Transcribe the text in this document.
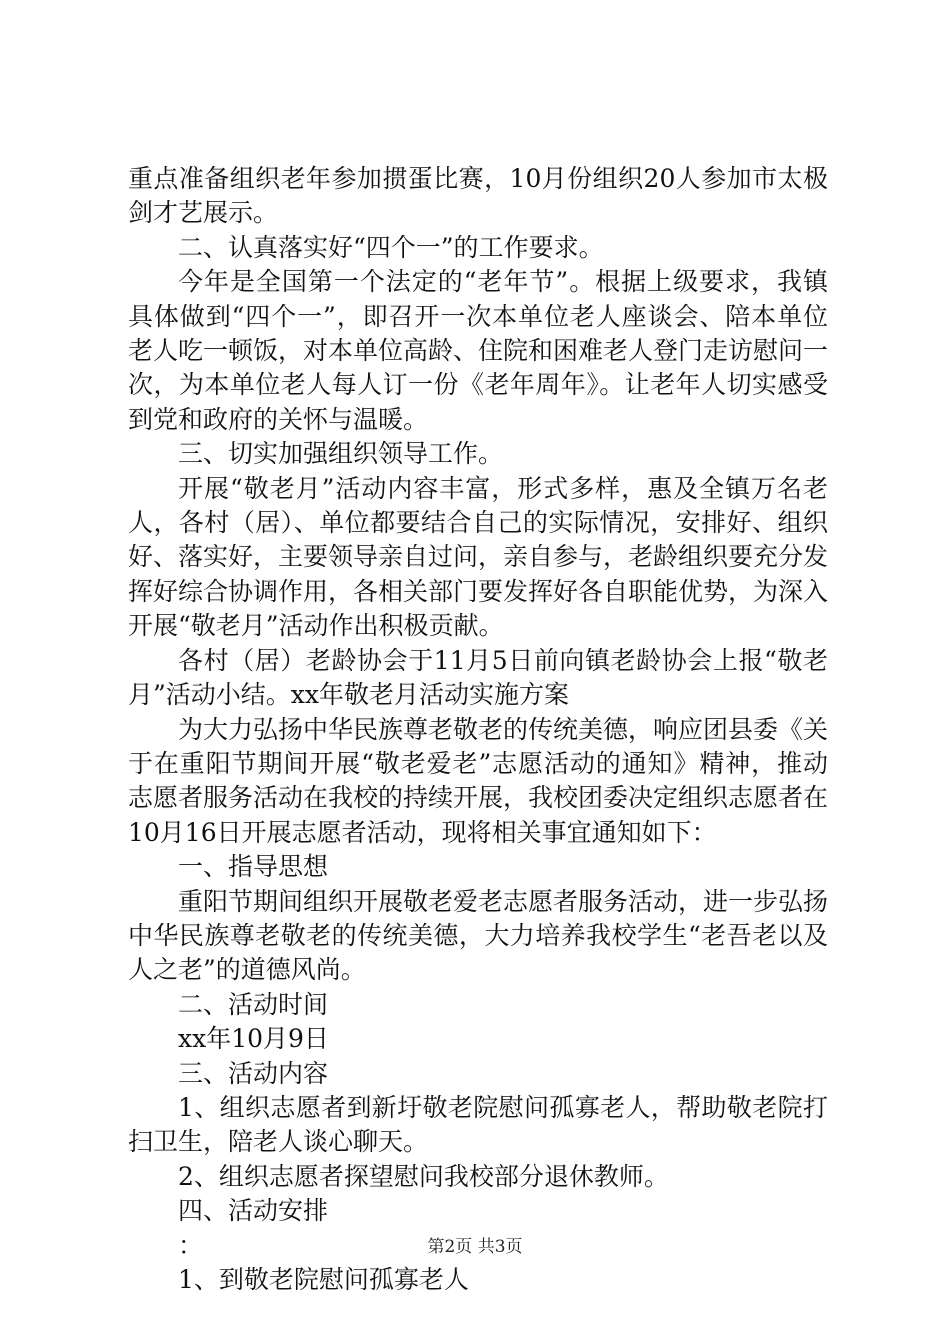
重点准备组织老年参加掼蛋比赛，10月份组织20人参加市太极剑才艺展示。

二、认真落实好“四个一”的工作要求。

今年是全国第一个法定的“老年节”。根据上级要求，我镇具体做到“四个一”，即召开一次本单位老人座谈会、陪本单位老人吃一顿饭，对本单位高龄、住院和困难老人登门走访慰问一次，为本单位老人每人订一份《老年周年》。让老年人切实感受到党和政府的关怀与温暖。

三、切实加强组织领导工作。

开展“敬老月”活动内容丰富，形式多样，惠及全镇万名老人，各村（居）、单位都要结合自己的实际情况，安排好、组织好、落实好，主要领导亲自过问，亲自参与，老龄组织要充分发挥好综合协调作用，各相关部门要发挥好各自职能优势，为深入开展“敬老月”活动作出积极贡献。

各村（居）老龄协会于11月5日前向镇老龄协会上报“敬老月”活动小结。xx年敬老月活动实施方案

为大力弘扬中华民族尊老敬老的传统美德，响应团县委《关于在重阳节期间开展“敬老爱老”志愿活动的通知》精神，推动志愿者服务活动在我校的持续开展，我校团委决定组织志愿者在10月16日开展志愿者活动，现将相关事宜通知如下：

一、指导思想

重阳节期间组织开展敬老爱老志愿者服务活动，进一步弘扬中华民族尊老敬老的传统美德，大力培养我校学生“老吾老以及人之老”的道德风尚。

二、活动时间

xx年10月9日

三、活动内容

1、组织志愿者到新圩敬老院慰问孤寡老人，帮助敬老院打扫卫生，陪老人谈心聊天。

2、组织志愿者探望慰问我校部分退休教师。

四、活动安排

：

1、到敬老院慰问孤寡老人

第2页 共3页
